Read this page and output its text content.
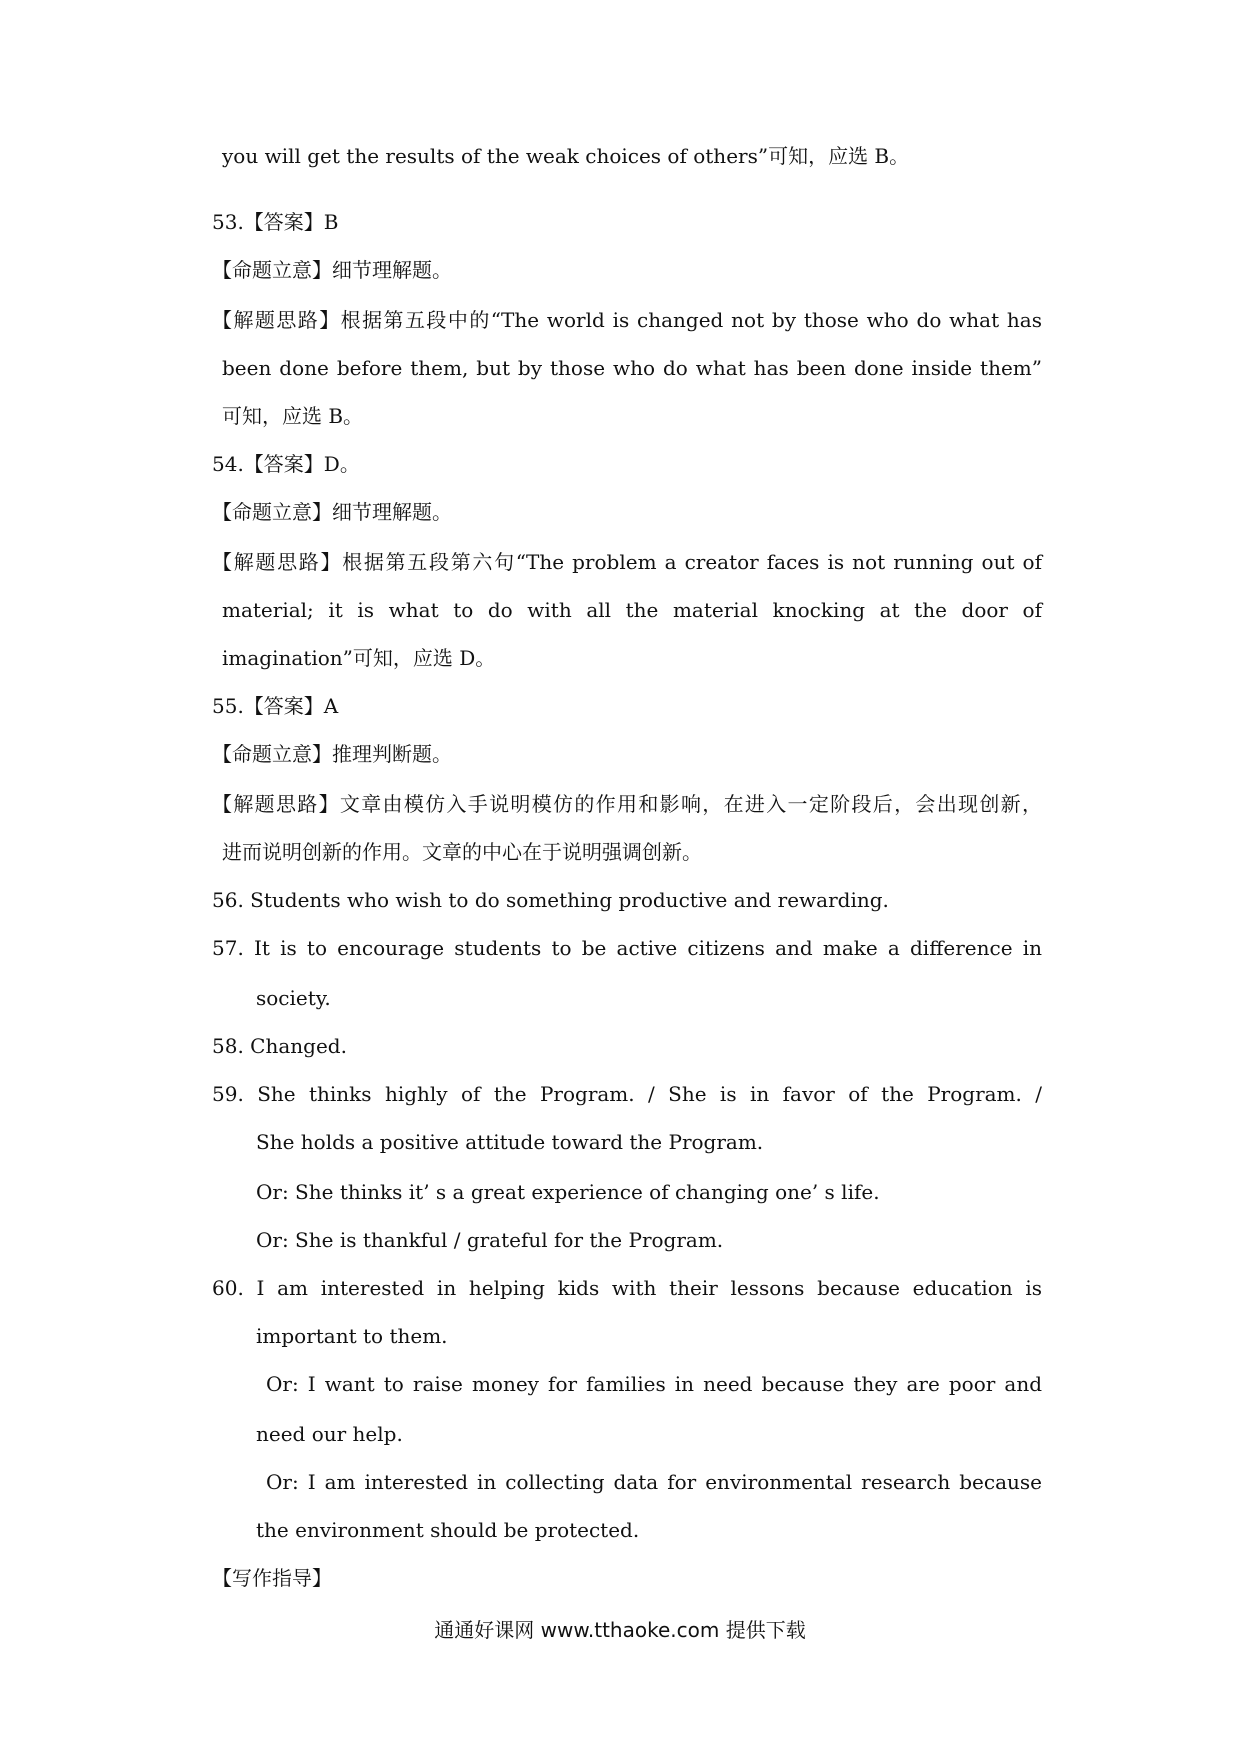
you will get the results of the weak choices of others”可知，应选 B。
53.【答案】B
【命题立意】细节理解题。
【解题思路】根据第五段中的“The world is changed not by those who do what has
been done before them, but by those who do what has been done inside them”
可知，应选 B。
54.【答案】D。
【命题立意】细节理解题。
【解题思路】根据第五段第六句“The problem a creator faces is not running out of
material; it is what to do with all the material knocking at the door of
imagination”可知，应选 D。
55.【答案】A
【命题立意】推理判断题。
【解题思路】文章由模仿入手说明模仿的作用和影响，在进入一定阶段后，会出现创新，
进而说明创新的作用。文章的中心在于说明强调创新。
56. Students who wish to do something productive and rewarding.
57. It is to encourage students to be active citizens and make a difference in
society.
58. Changed.
59. She thinks highly of the Program. / She is in favor of the Program. /
She holds a positive attitude toward the Program.
Or: She thinks it’ s a great experience of changing one’ s life.
Or: She is thankful / grateful for the Program.
60. I am interested in helping kids with their lessons because education is
important to them.
Or: I want to raise money for families in need because they are poor and
need our help.
Or: I am interested in collecting data for environmental research because
the environment should be protected.
【写作指导】
通通好课网 www.tthaoke.com 提供下载
